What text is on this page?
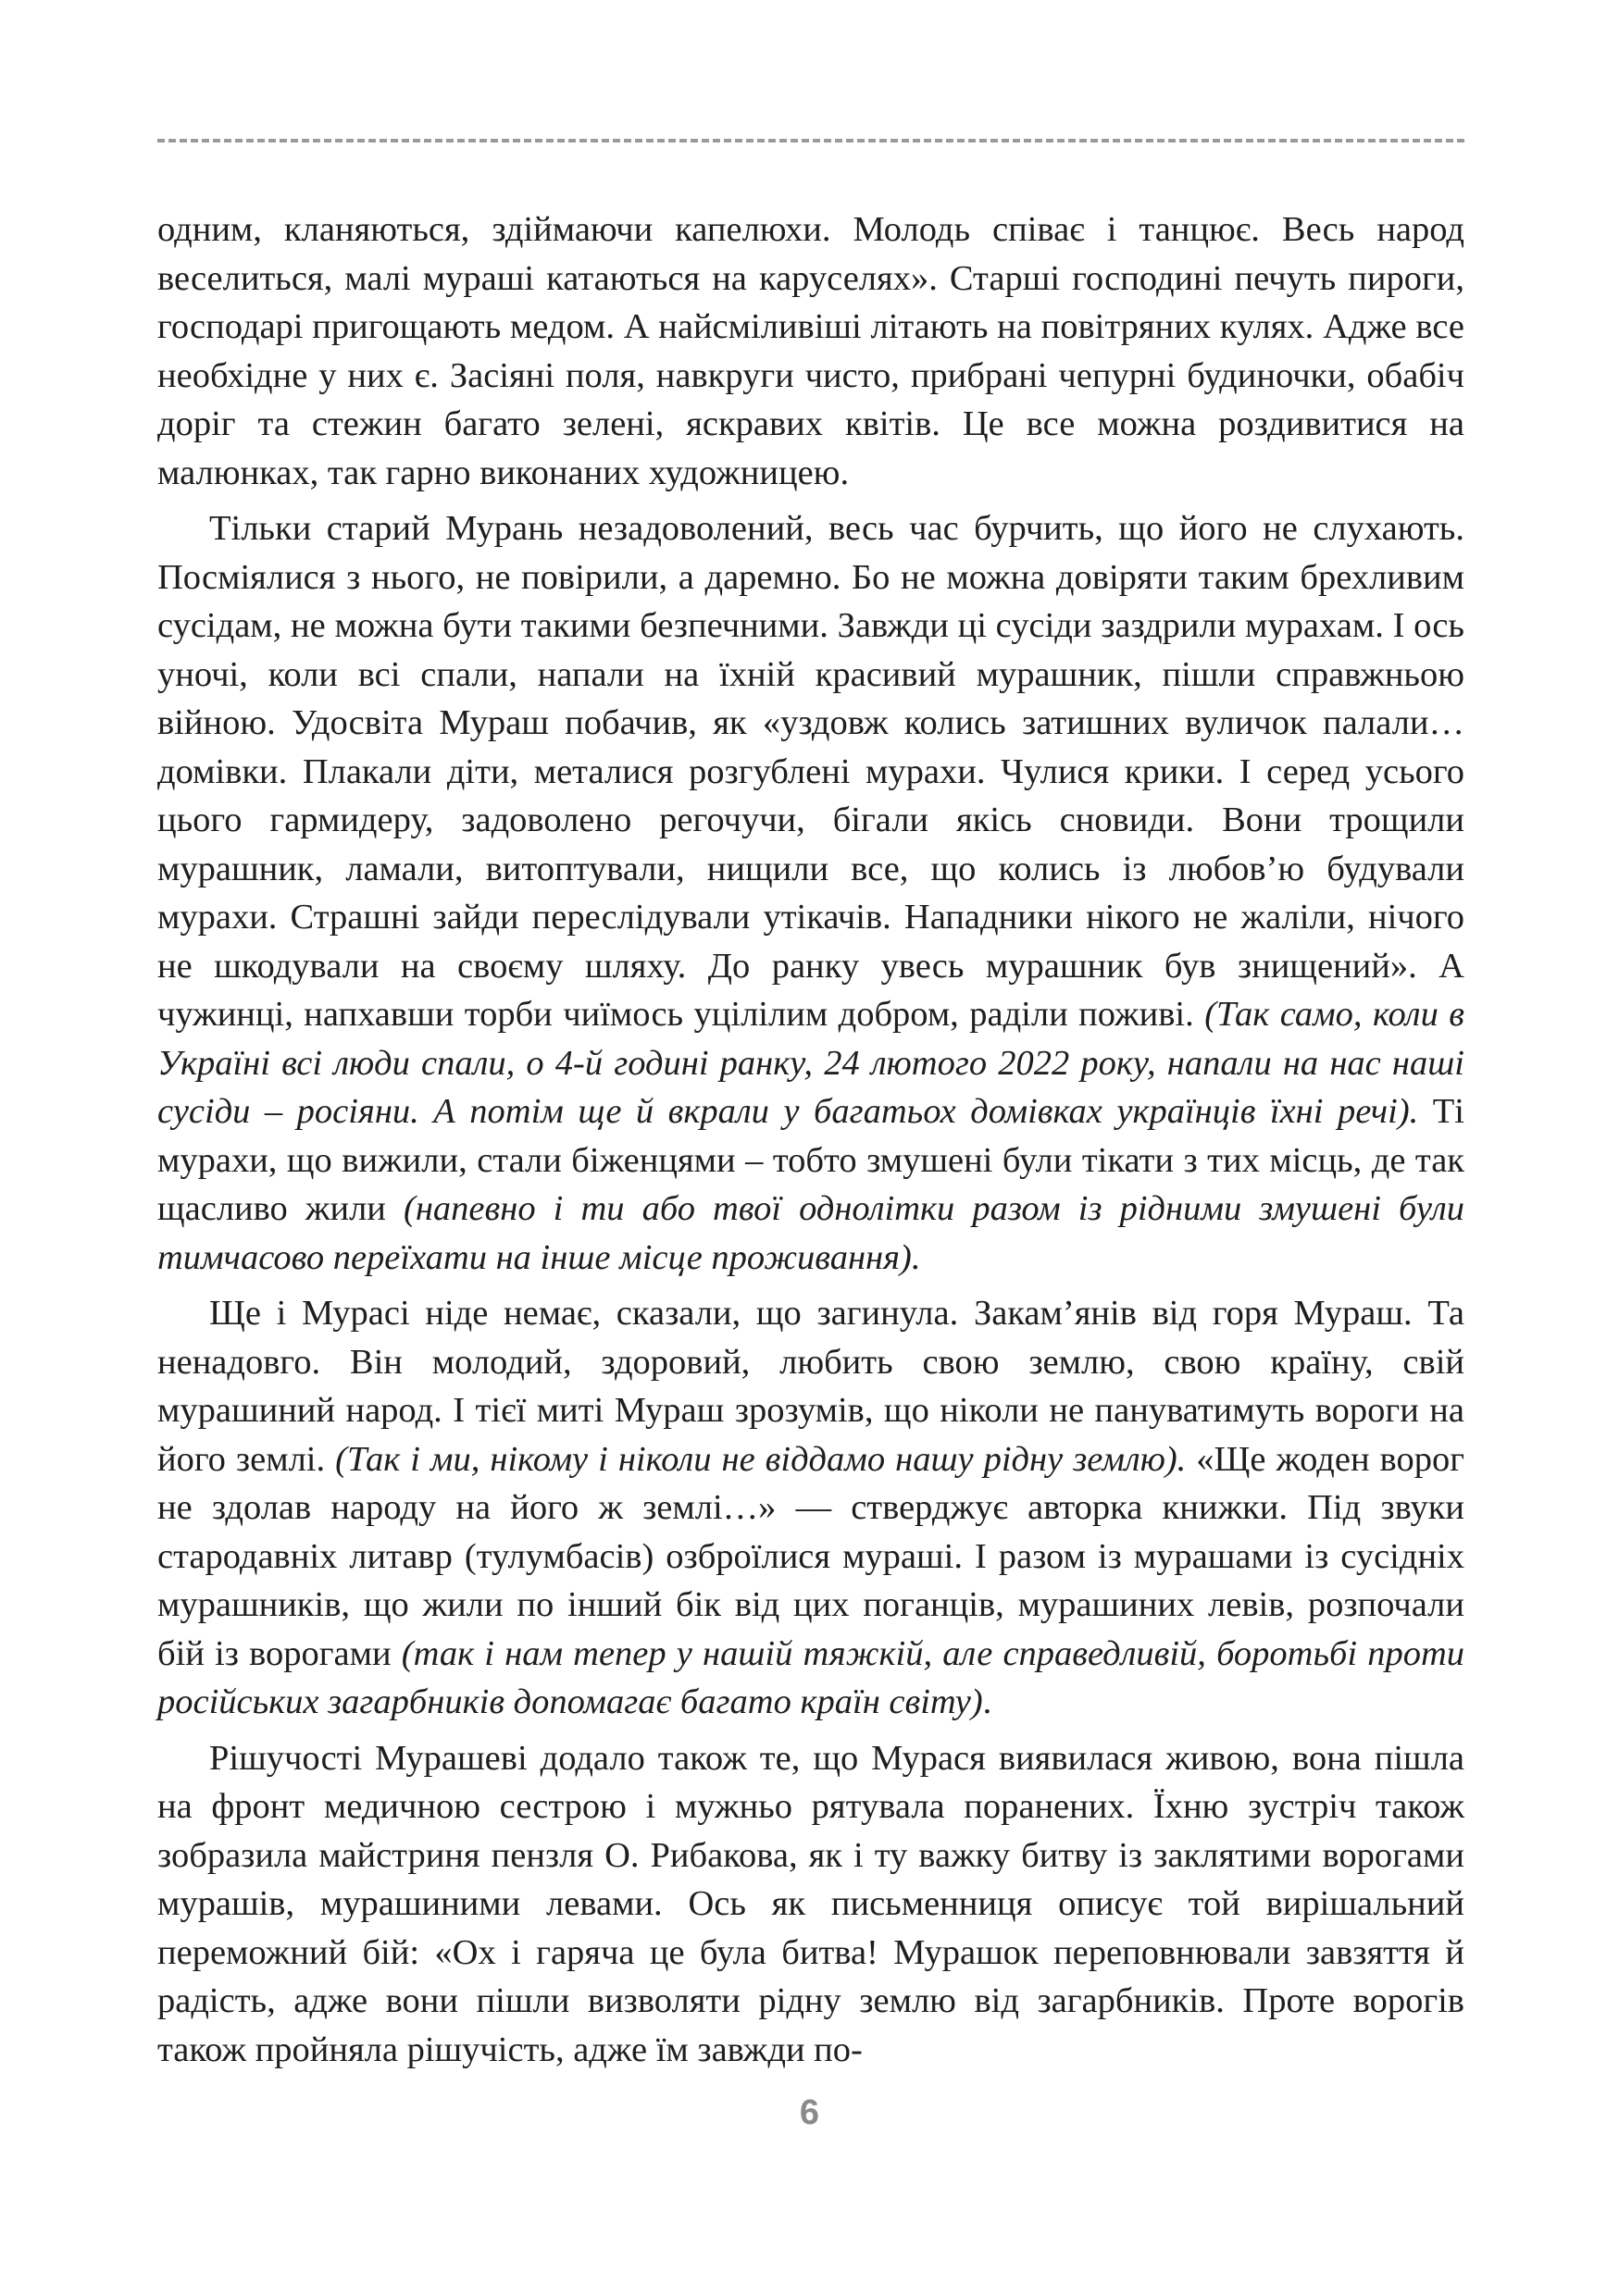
одним, кланяються, здіймаючи капелюхи. Молодь співає і танцює. Весь народ веселиться, малі мураші катаються на каруселях». Старші господині печуть пироги, господарі пригощають медом. А найсміливіші літають на повітряних кулях. Адже все необхідне у них є. Засіяні поля, навкруги чисто, прибрані чепурні будиночки, обабіч доріг та стежин багато зелені, яскравих квітів. Це все можна роздивитися на малюнках, так гарно виконаних художницею.

Тільки старий Мурань незадоволений, весь час бурчить, що його не слухають. Посміялися з нього, не повірили, а даремно. Бо не можна довіряти таким брехливим сусідам, не можна бути такими безпечними. Завжди ці сусіди заздрили мурахам. І ось уночі, коли всі спали, напали на їхній красивий мурашник, пішли справжньою війною. Удосвіта Мураш побачив, як «уздовж колись затишних вуличок палали… домівки. Плакали діти, металися розгублені мурахи. Чулися крики. І серед усього цього гармидеру, задоволено регочучи, бігали якісь сновиди. Вони трощили мурашник, ламали, витоптували, нищили все, що колись із любов’ю будували мурахи. Страшні зайди переслідували утікачів. Нападники нікого не жаліли, нічого не шкодували на своєму шляху. До ранку увесь мурашник був знищений». А чужинці, напхавши торби чиїмось уцілілим добром, раділи поживі. (Так само, коли в Україні всі люди спали, о 4-й годині ранку, 24 лютого 2022 року, напали на нас наші сусіди – росіяни. А потім ще й вкрали у багатьох домівках українців їхні речі). Ті мурахи, що вижили, стали біженцями – тобто змушені були тікати з тих місць, де так щасливо жили (напевно і ти або твої однолітки разом із рідними змушені були тимчасово переїхати на інше місце проживання).

Ще і Мурасі ніде немає, сказали, що загинула. Закам’янів від горя Мураш. Та ненадовго. Він молодий, здоровий, любить свою землю, свою країну, свій мурашиний народ. І тієї миті Мураш зрозумів, що ніколи не пануватимуть вороги на його землі. (Так і ми, нікому і ніколи не віддамо нашу рідну землю). «Ще жоден ворог не здолав народу на його ж землі…» — стверджує авторка книжки. Під звуки стародавніх литавр (тулумбасів) озброїлися мураші. І разом із мурашами із сусідніх мурашників, що жили по інший бік від цих поганців, мурашиних левів, розпочали бій із ворогами (так і нам тепер у нашій тяжкій, але справедливій, боротьбі проти російських загарбників допомагає багато країн світу).

Рішучості Мурашеві додало також те, що Мурася виявилася живою, вона пішла на фронт медичною сестрою і мужньо рятувала поранених. Їхню зустріч також зобразила майстриня пензля О. Рибакова, як і ту важку битву із заклятими ворогами мурашів, мурашиними левами. Ось як письменниця описує той вирішальний переможний бій: «Ох і гаряча це була битва! Мурашок переповнювали завзяття й радість, адже вони пішли визволяти рідну землю від загарбників. Проте ворогів також пройняла рішучість, адже їм завжди по-

6
